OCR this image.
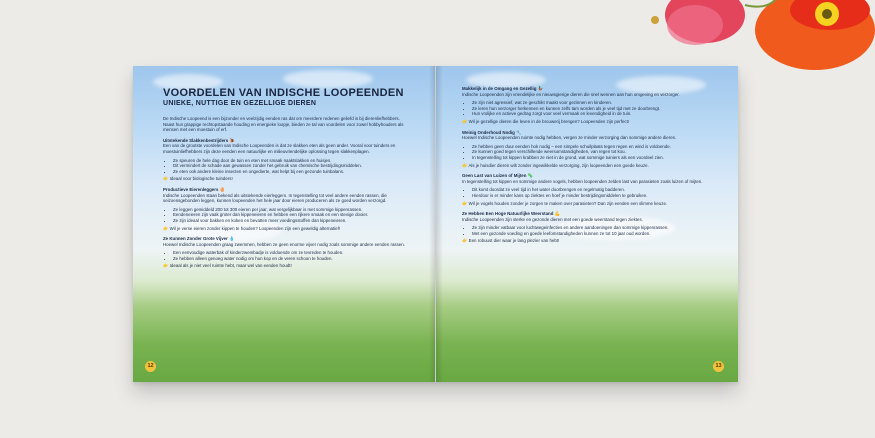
VOORDELEN VAN INDISCHE LOOPEENDEN
UNIEKE, NUTTIGE EN GEZELLIGE DIEREN

De Indische Loopeend is een bijzonder en veelzijdig eenden ras dat om meerdere redenen geliefd is bij dierenliefhebbers. Naast hun grappige rechtopstaande houding en energieke loopje, bieden ze tal van voordelen voor zowel hobbyhouders als mensen met een moestuin of erf.

Uitstekende Slakkenbestrijders 🐌

Een van de grootste voordelen van Indische Loopeenden is dat ze slakken eten als geen ander. Vooral voor tuinders en moestuinliefhebbers zijn deze eenden een natuurlijke en milieuvriendelijke oplossing tegen slakkenplagen.

• Ze speuren de hele dag door de tuin en eten met smaak naaktslakken en huisjes.
• Dit vermindert de schade aan gewassen zonder het gebruik van chemische bestrijdingsmiddelen.
• Ze eten ook andere kleine insecten en ongedierte, wat helpt bij een gezonde tuinbalans.

👉 Ideaal voor biologische tuinders!

Productieve Eierenleggers 🥚

Indische Loopeenden staan bekend als uitstekende eierleggers. In tegenstelling tot veel andere eenden rassen, die seizoensgebonden leggen, kunnen loopeenden het hele jaar door eieren produceren als ze goed worden verzorgd.

• Ze leggen gemiddeld 200 tot 300 eieren per jaar, wat vergelijkbaar is met sommige kippenrassen.
• Eendeneieren zijn vaak groter dan kippeneieren en hebben een rijkere smaak en een stevige dooier.
• Ze zijn ideaal voor bakken en koken en bevatten meer voedingsstoffen dan kippeneieren.

👉 Wil je verse eieren zonder kippen te houden? Loopeenden zijn een geweldig alternatief!

Ze Kunnen Zonder Grote Vijver 💧

Hoewel Indische Loopeenden graag zwemmen, hebben ze geen enorme vijver nodig zoals sommige andere eenden rassen.

• Een eenvoudige waterbak of kinderzwembadje is voldoende om ze tevreden te houden.
• Ze hebben alleen genoeg water nodig om hun kop en de veren schoon te houden.

👉 Ideaal als je niet veel ruimte hebt, maar wel van eenden houdt!

12
Makkelijk in de Omgang en Gezellig 🦆

Indische Loopeenden zijn vriendelijke en nieuwsgierige dieren die snel wennen aan hun omgeving en verzorger.

• Ze zijn niet agressief, wat ze geschikt maakt voor gezinnen en kinderen.
• Ze leren hun verzorger herkennen en kunnen zelfs tam worden als je veel tijd met ze doorbrengt.
• Hun vrolijke en actieve gedrag zorgt voor veel vermaak en levendigheid in de tuin.

👉 Wil je gezellige dieren die leven in de brouwerij brengen? Loopeenden zijn perfect!

Weinig Onderhoud Nodig 🔧

Hoewel Indische Loopeenden ruimte nodig hebben, vergen ze minder verzorging dan sommige andere dieren.

• Ze hebben geen duur eenden hok nodig – een simpele schuilplaats tegen regen en wind is voldoende.
• Ze kunnen goed tegen verschillende weersomstandigheden, van regen tot kou.
• In tegenstelling tot kippen krabben ze niet in de grond, wat sommige tuiniers als een voordeel zien.

👉 Als je huisdier dieren wilt zonder ingewikkelde verzorging, zijn loopeenden een goede keuze.

Geen Last van Luizen of Mijten 🦠

In tegenstelling tot kippen en sommige andere vogels, hebben loopeenden zelden last van parasieten zoals luizen of mijten.

• Dit komt doordat ze veel tijd in het water doorbrengen en regelmatig badderen.
• Hierdoor is er minder kans op ziektes en hoef je minder bestrijdingsmiddelen te gebruiken.

👉 Wil je vogels houden zonder je zorgen te maken over parasieten? Dan zijn eenden een slimme keuze.

Ze Hebben Een Hoge Natuurlijke Weerstand 💪

Indische Loopeenden zijn sterke en gezonde dieren met een goede weerstand tegen ziektes.

• Ze zijn minder vatbaar voor luchtwegeinfecties en andere aandoeningen dan sommige kippenrassen.
• Met een gezonde voeding en goede leefomstandigheden kunnen ze tot 10 jaar oud worden.

👉 Een robuust dier waar je lang plezier van hebt!

13
